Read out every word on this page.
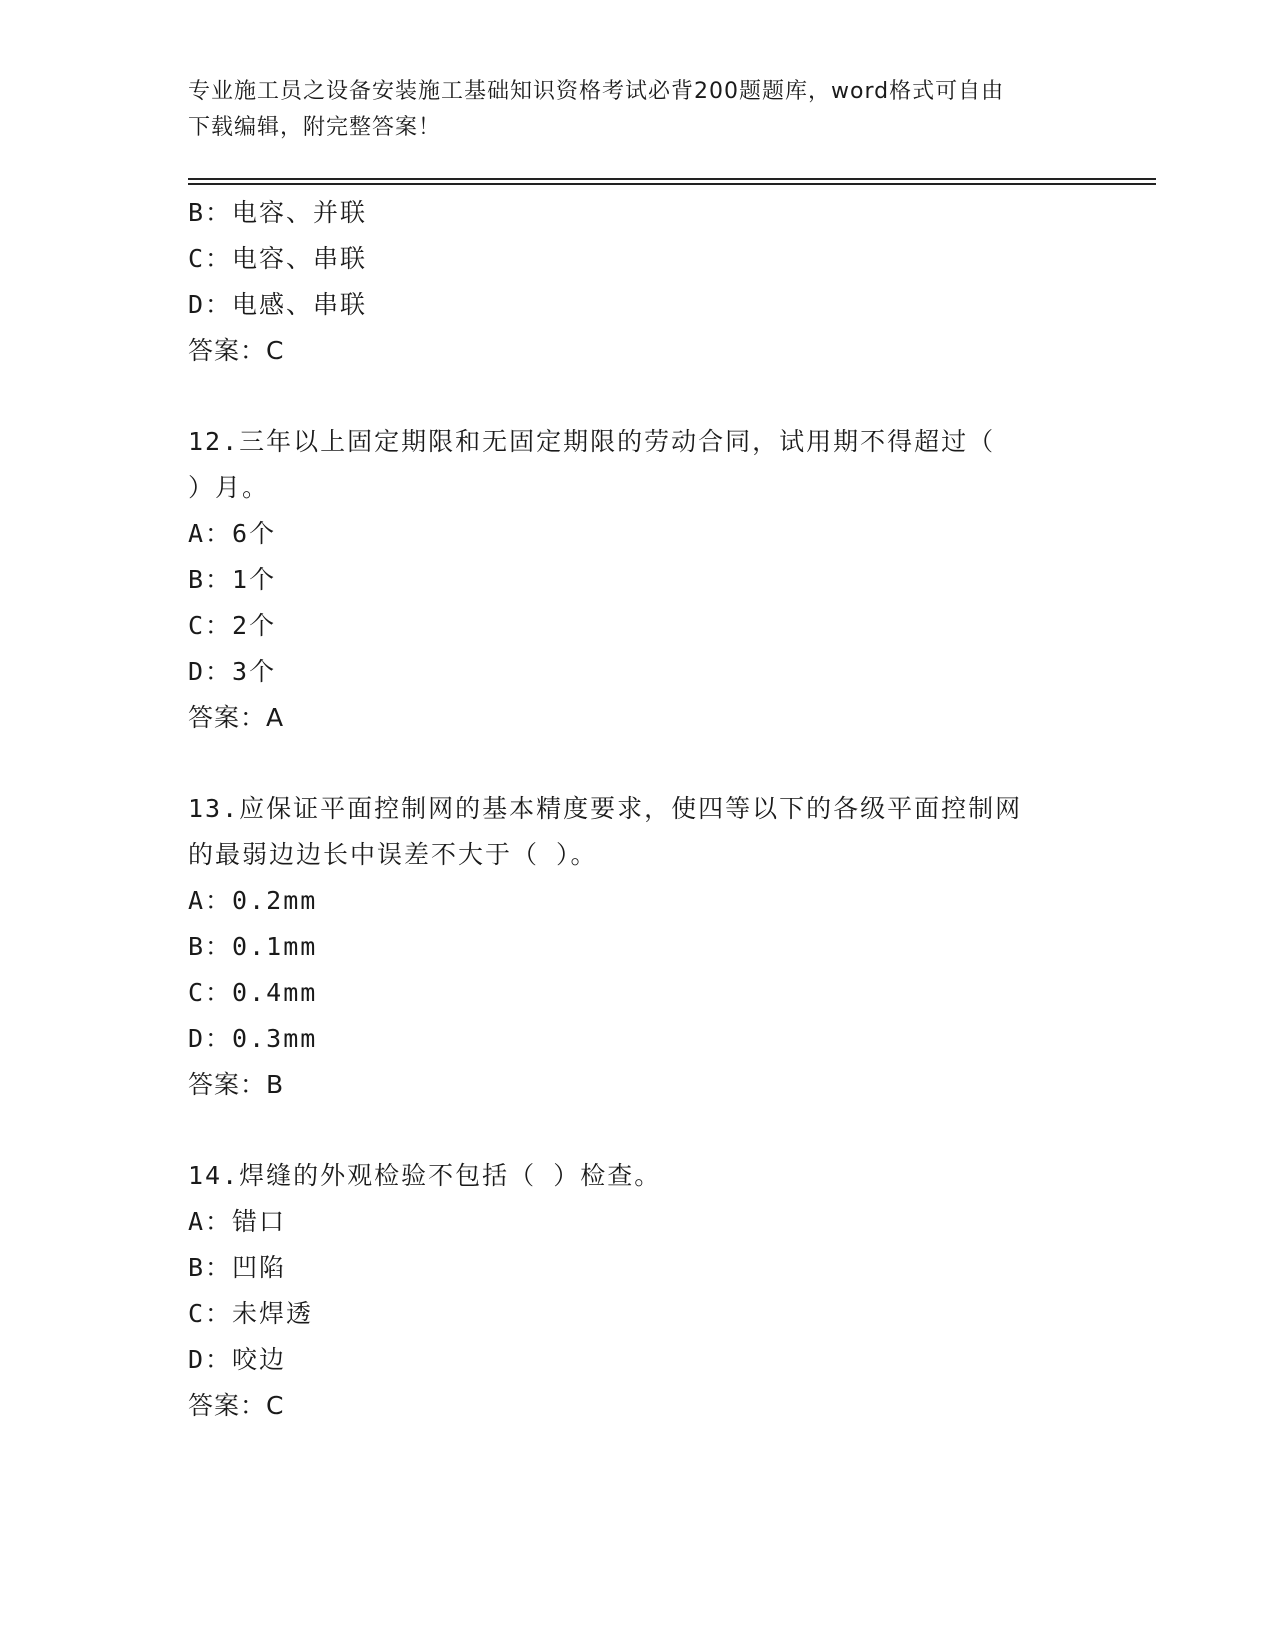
专业施工员之设备安装施工基础知识资格考试必背200题题库，word格式可自由
下载编辑，附完整答案！
B：电容、并联
C：电容、串联
D：电感、串联
答案：C
12.三年以上固定期限和无固定期限的劳动合同，试用期不得超过（
）月。
A：6个
B：1个
C：2个
D：3个
答案：A
13.应保证平面控制网的基本精度要求，使四等以下的各级平面控制网
的最弱边边长中误差不大于（ ）。
A：0.2mm
B：0.1mm
C：0.4mm
D：0.3mm
答案：B
14.焊缝的外观检验不包括（ ）检查。
A：错口
B：凹陷
C：未焊透
D：咬边
答案：C
